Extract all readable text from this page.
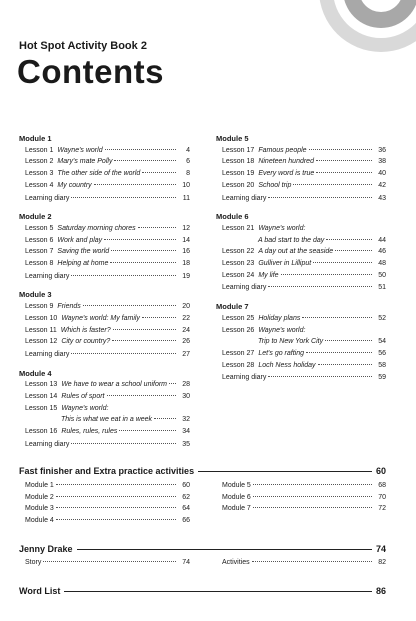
Hot Spot Activity Book 2
Contents
Module 1
Lesson 1 Wayne's world	4
Lesson 2 Mary's mate Polly	6
Lesson 3 The other side of the world	8
Lesson 4 My country	10
Learning diary	11
Module 2
Lesson 5 Saturday morning chores	12
Lesson 6 Work and play	14
Lesson 7 Saving the world	16
Lesson 8 Helping at home	18
Learning diary	19
Module 3
Lesson 9 Friends	20
Lesson 10 Wayne's world: My family	22
Lesson 11 Which is faster?	24
Lesson 12 City or country?	26
Learning diary	27
Module 4
Lesson 13 We have to wear a school uniform	28
Lesson 14 Rules of sport	30
Lesson 15 Wayne's world:
This is what we eat in a week	32
Lesson 16 Rules, rules, rules	34
Learning diary	35
Module 5
Lesson 17 Famous people	36
Lesson 18 Nineteen hundred	38
Lesson 19 Every word is true	40
Lesson 20 School trip	42
Learning diary	43
Module 6
Lesson 21 Wayne's world:
A bad start to the day	44
Lesson 22 A day out at the seaside	46
Lesson 23 Gulliver in Lilliput	48
Lesson 24 My life	50
Learning diary	51
Module 7
Lesson 25 Holiday plans	52
Lesson 26 Wayne's world:
Trip to New York City	54
Lesson 27 Let's go rafting	56
Lesson 28 Loch Ness holiday	58
Learning diary	59
Fast finisher and Extra practice activities	60
Module 1	60
Module 2	62
Module 3	64
Module 4	66
Module 5	68
Module 6	70
Module 7	72
Jenny Drake	74
Story	74	Activities	82
Word List	86
